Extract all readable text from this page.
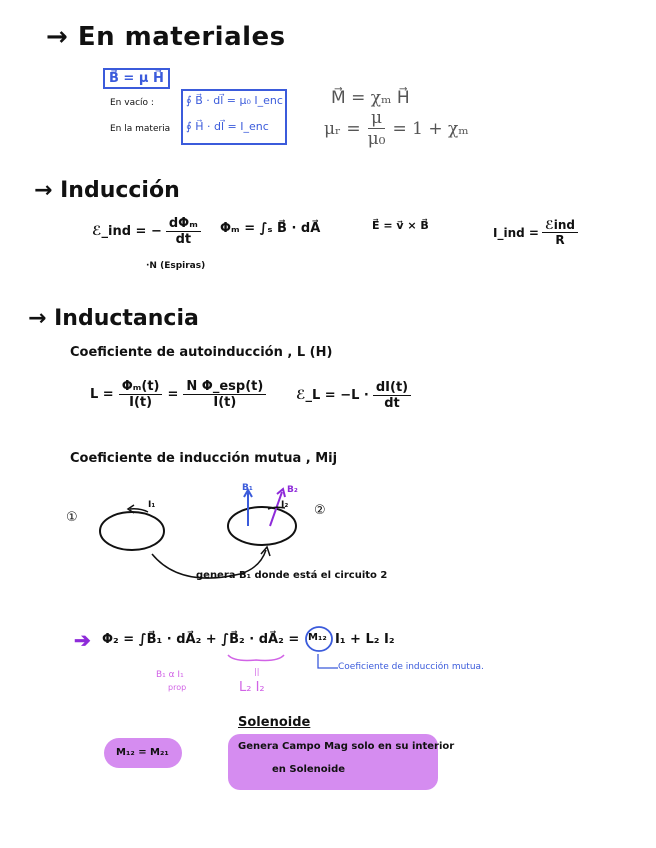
→ En materiales
B⃗ = μ H⃗
En vacío :
En la materia
∮ B⃗ · dl⃗ = μ₀ I_enc
∮ H⃗ · dl⃗ = I_enc
M⃗ = χₘ H⃗
μᵣ = $\frac{\mu}{\text{μ₀}} = 1 + \chi_m$
→ Inducción
ℰ_ind = − $\frac{\text{dΦₘ}}{dt}$
·N (Espiras)
Φₘ = ∫ₛ B⃗ · dA⃗	E⃗ = v⃗ × B⃗	I_ind = $\frac{\text{ℰind}}{R}$
→ Inductancia
Coeficiente de autoinducción , L (H)
$L = \frac{\text{Φₘ(t)}}{I(t)} = \frac{\text{N Φ\_esp(t)}}{I(t)}$ ℰ_L = $-L \cdot \frac{dI(t)}{dt}$
Coeficiente de inducción mutua , Mij
①	②
I₁	I₂
B₁	B₂
genera B₁ donde está el circuito 2
➔ Φ₂ = ∫B⃗₁ · dA⃗₂ + ∫B⃗₂ · dA⃗₂ = M₁₂ I₁ + L₂ I₂
B₁ α I₁
prop
||
L₂ I₂
Coeficiente de inducción mutua.
Solenoide
M₁₂ = M₂₁
Genera Campo Mag solo en su interior
en Solenoide
